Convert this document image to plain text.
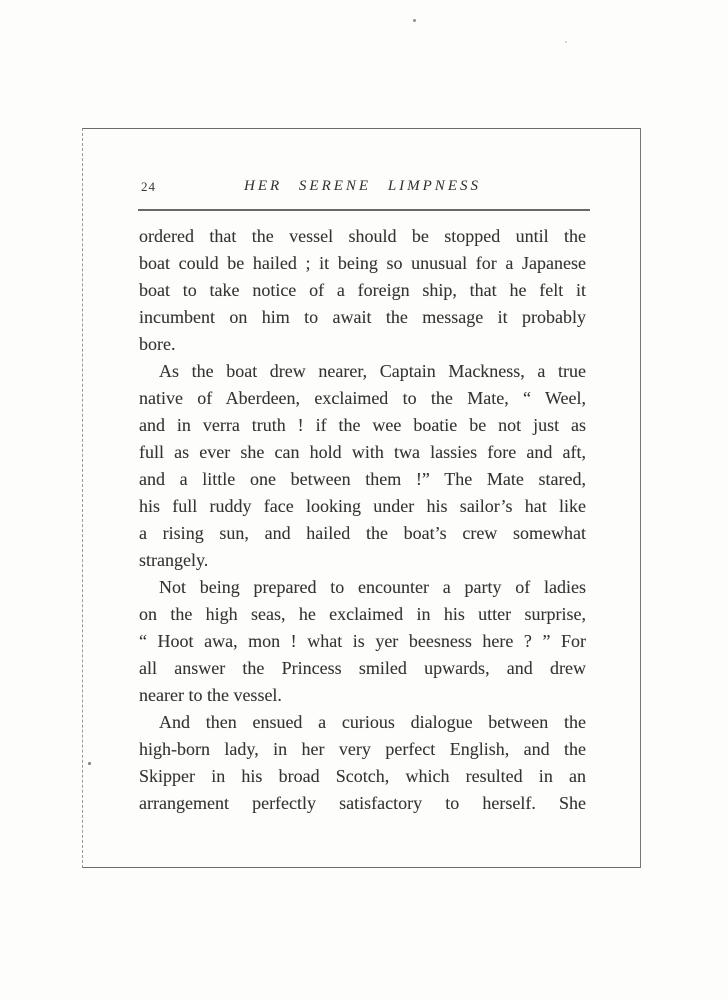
24	HER SERENE LIMPNESS
ordered that the vessel should be stopped until the
boat could be hailed ; it being so unusual for a Japanese
boat to take notice of a foreign ship, that he felt it
incumbent on him to await the message it probably
bore.
As the boat drew nearer, Captain Mackness, a true
native of Aberdeen, exclaimed to the Mate, “ Weel,
and in verra truth ! if the wee boatie be not just as
full as ever she can hold with twa lassies fore and aft,
and a little one between them !” The Mate stared,
his full ruddy face looking under his sailor’s hat like
a rising sun, and hailed the boat’s crew somewhat
strangely.
Not being prepared to encounter a party of ladies
on the high seas, he exclaimed in his utter surprise,
“ Hoot awa, mon ! what is yer beesness here ? ” For
all answer the Princess smiled upwards, and drew
nearer to the vessel.
And then ensued a curious dialogue between the
high-born lady, in her very perfect English, and the
Skipper in his broad Scotch, which resulted in an
arrangement perfectly satisfactory to herself. She
